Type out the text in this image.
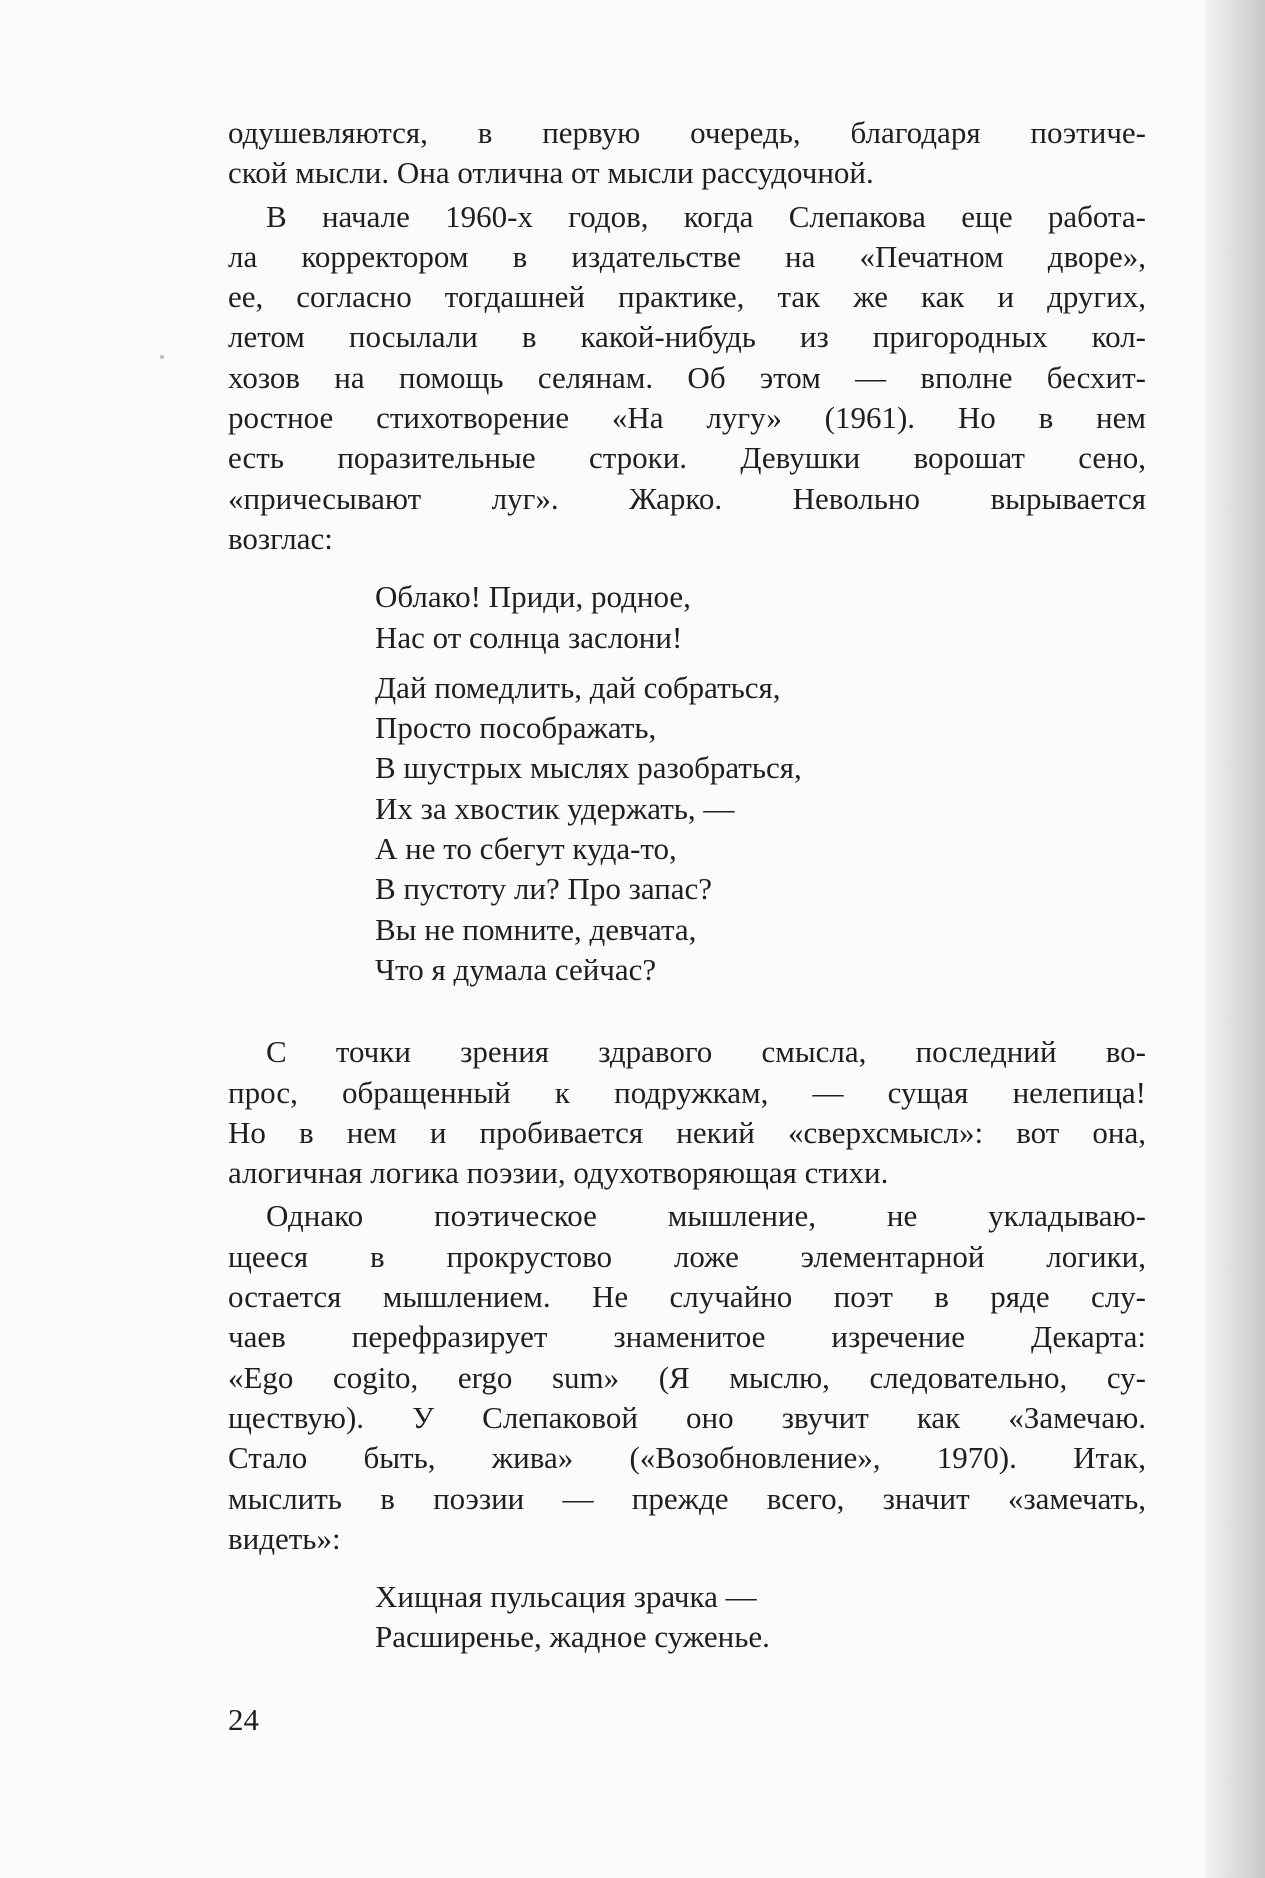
одушевляются, в первую очередь, благодаря поэтиче-
ской мысли. Она отлична от мысли рассудочной.
В начале 1960-х годов, когда Слепакова еще работа-
ла корректором в издательстве на «Печатном дворе»,
ее, согласно тогдашней практике, так же как и других,
летом посылали в какой-нибудь из пригородных кол-
хозов на помощь селянам. Об этом — вполне бесхит-
ростное стихотворение «На лугу» (1961). Но в нем
есть поразительные строки. Девушки ворошат сено,
«причесывают луг». Жарко. Невольно вырывается
возглас:
Облако! Приди, родное,
Нас от солнца заслони!
Дай помедлить, дай собраться,
Просто посображать,
В шустрых мыслях разобраться,
Их за хвостик удержать, —
А не то сбегут куда-то,
В пустоту ли? Про запас?
Вы не помните, девчата,
Что я думала сейчас?
С точки зрения здравого смысла, последний во-
прос, обращенный к подружкам, — сущая нелепица!
Но в нем и пробивается некий «сверхсмысл»: вот она,
алогичная логика поэзии, одухотворяющая стихи.
Однако поэтическое мышление, не укладываю-
щееся в прокрустово ложе элементарной логики,
остается мышлением. Не случайно поэт в ряде слу-
чаев перефразирует знаменитое изречение Декарта:
«Ego cogito, ergo sum» (Я мыслю, следовательно, су-
ществую). У Слепаковой оно звучит как «Замечаю.
Стало быть, жива» («Возобновление», 1970). Итак,
мыслить в поэзии — прежде всего, значит «замечать,
видеть»:
Хищная пульсация зрачка —
Расширенье, жадное суженье.
24
